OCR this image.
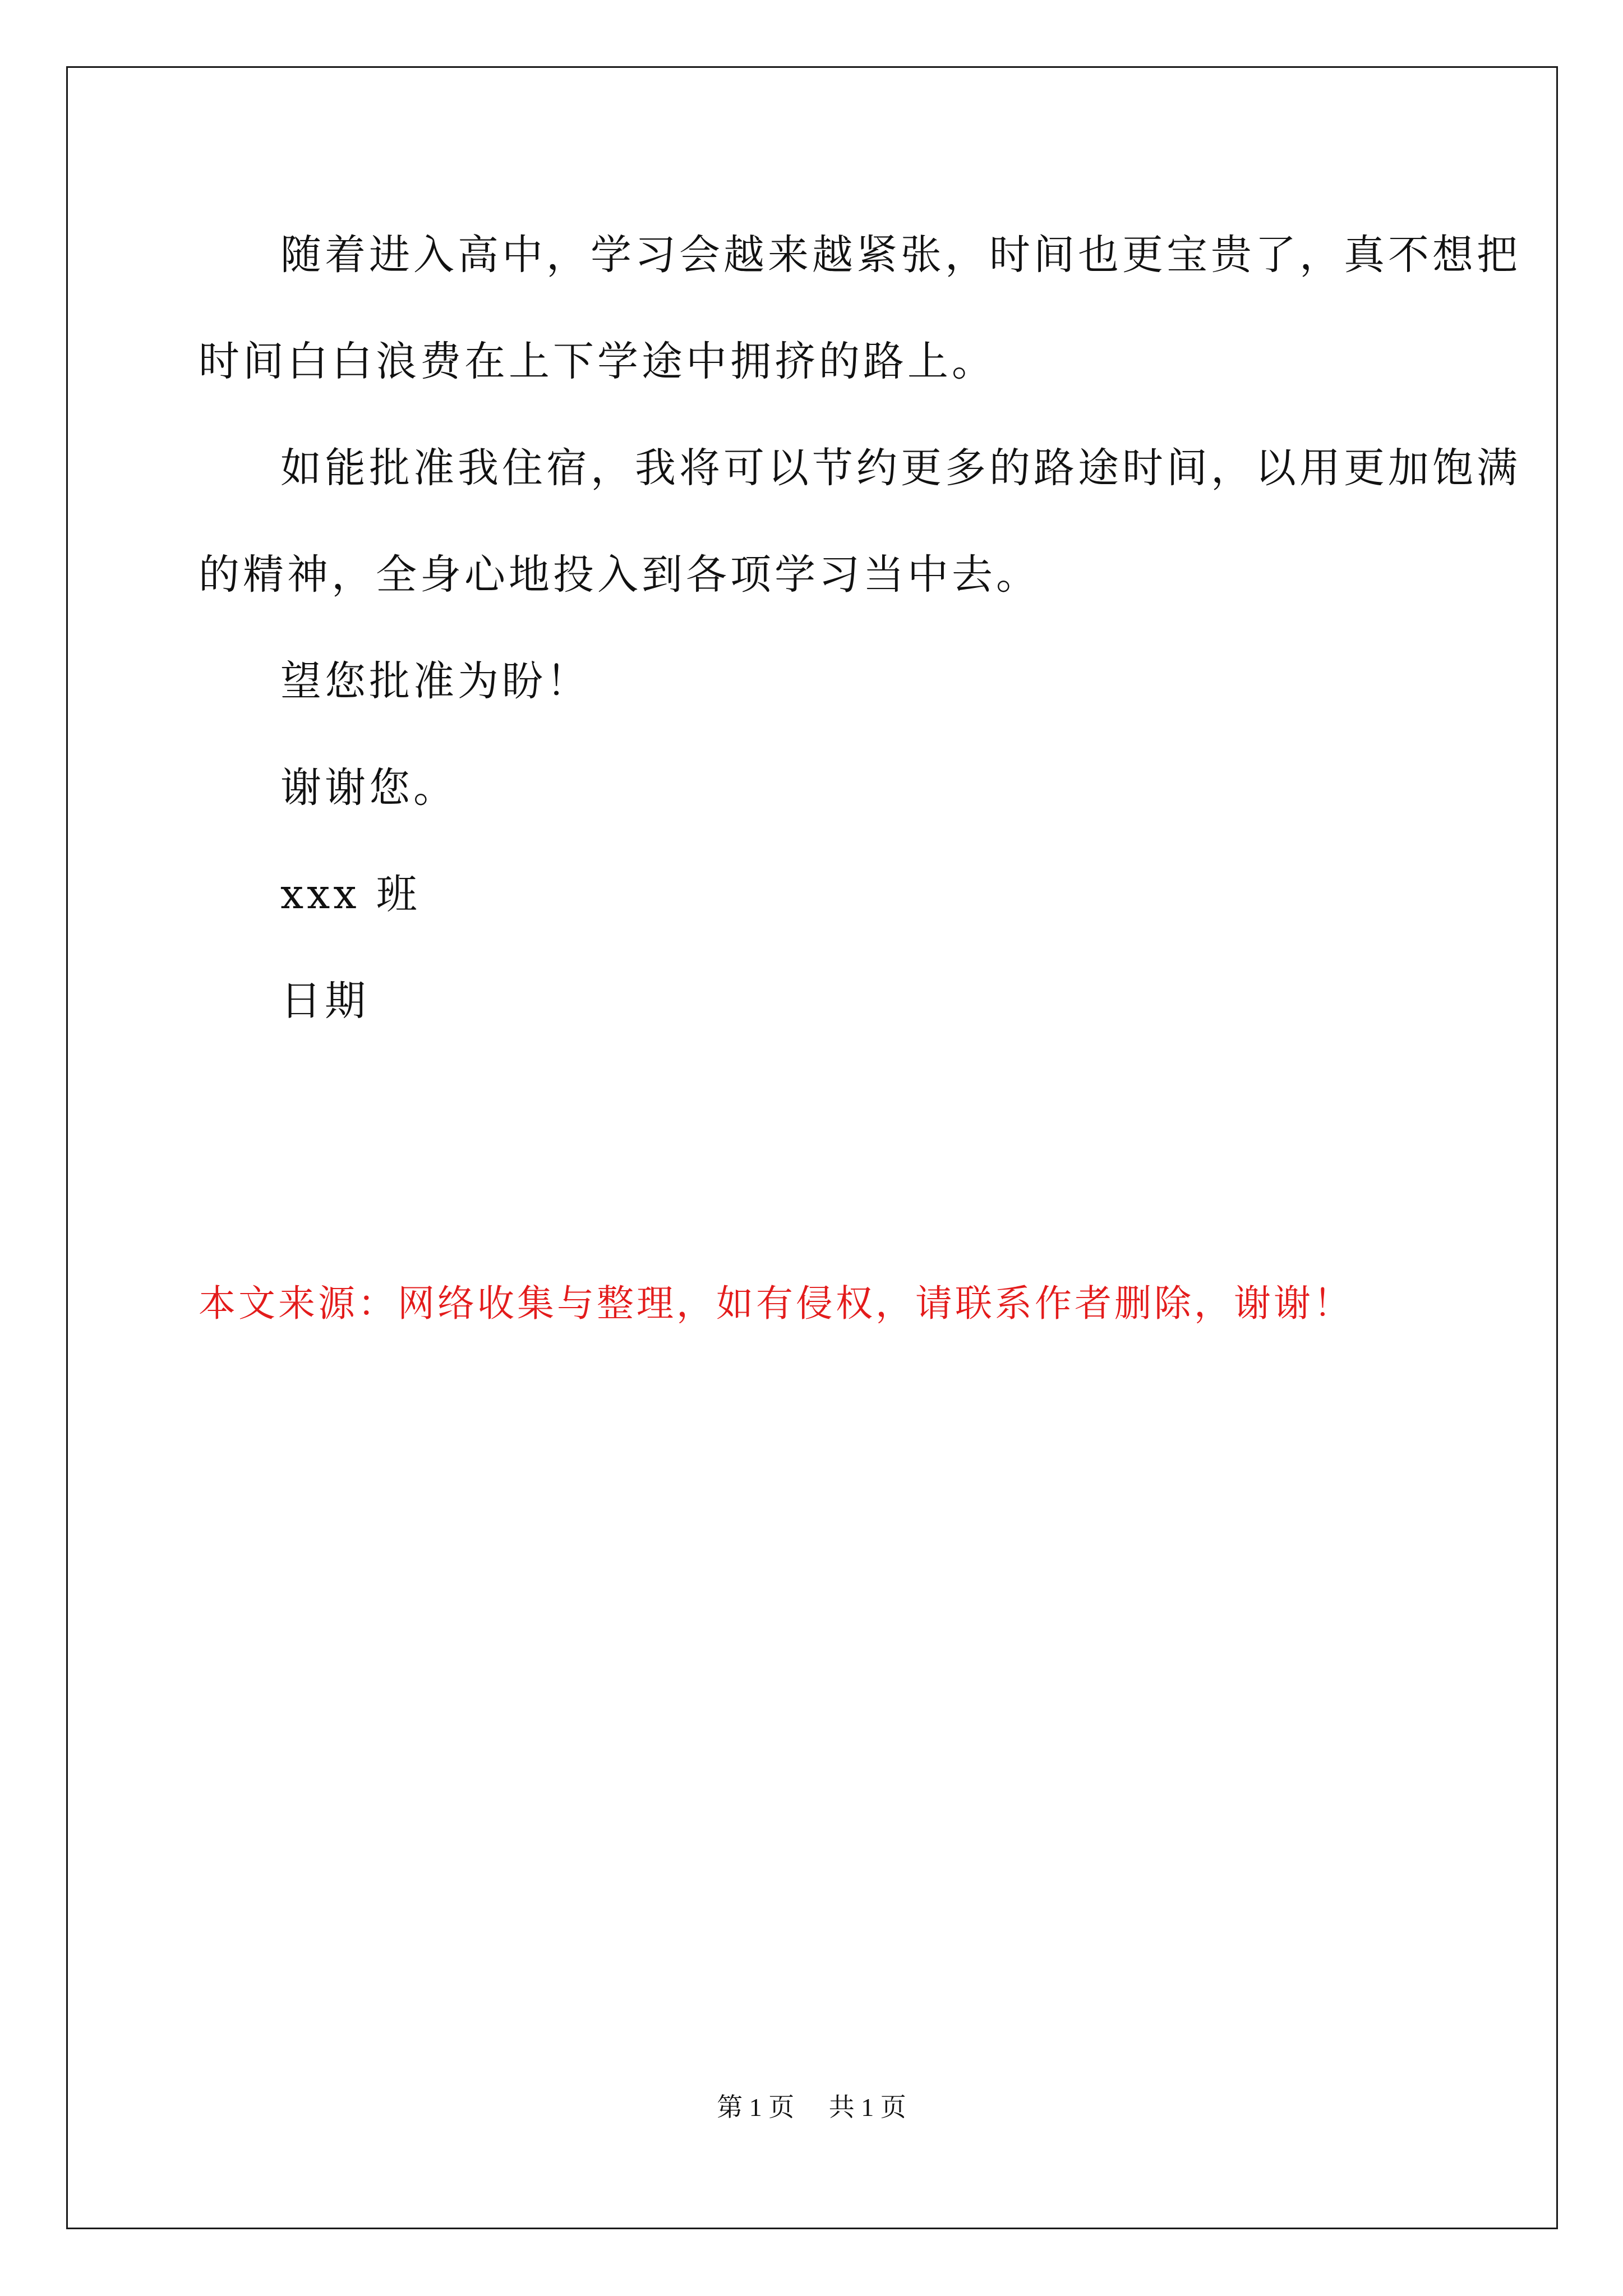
随着进入高中，学习会越来越紧张，时间也更宝贵了，真不想把
时间白白浪费在上下学途中拥挤的路上。
如能批准我住宿，我将可以节约更多的路途时间，以用更加饱满
的精神，全身心地投入到各项学习当中去。

望您批准为盼！

谢谢您。

xxx 班

日期

本文来源：网络收集与整理，如有侵权，请联系作者删除，谢谢！

第 1 页 共 1 页
